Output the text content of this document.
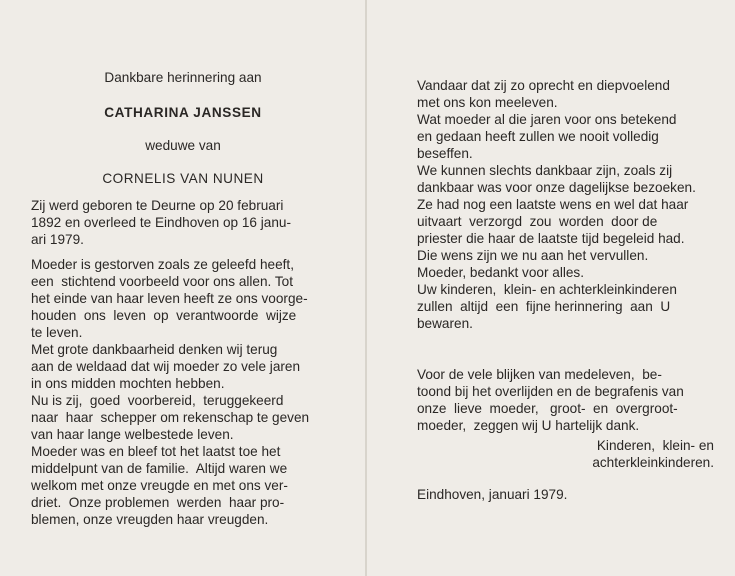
Dankbare herinnering aan
CATHARINA JANSSEN
weduwe van
CORNELIS VAN NUNEN
Zij werd geboren te Deurne op 20 februari
1892 en overleed te Eindhoven op 16 janu-
ari 1979.
Moeder is gestorven zoals ze geleefd heeft,
een  stichtend voorbeeld voor ons allen. Tot
het einde van haar leven heeft ze ons voorge-
houden  ons  leven  op  verantwoorde  wijze
te leven.
Met grote dankbaarheid denken wij terug
aan de weldaad dat wij moeder zo vele jaren
in ons midden mochten hebben.
Nu is zij,  goed  voorbereid,  teruggekeerd
naar  haar  schepper om rekenschap te geven
van haar lange welbestede leven.
Moeder was en bleef tot het laatst toe het
middelpunt van de familie.  Altijd waren we
welkom met onze vreugde en met ons ver-
driet.  Onze problemen  werden  haar pro-
blemen, onze vreugden haar vreugden.
Vandaar dat zij zo oprecht en diepvoelend
met ons kon meeleven.
Wat moeder al die jaren voor ons betekend
en gedaan heeft zullen we nooit volledig
beseffen.
We kunnen slechts dankbaar zijn, zoals zij
dankbaar was voor onze dagelijkse bezoeken.
Ze had nog een laatste wens en wel dat haar
uitvaart  verzorgd  zou  worden  door de
priester die haar de laatste tijd begeleid had.
Die wens zijn we nu aan het vervullen.
Moeder, bedankt voor alles.
Uw kinderen,  klein- en achterkleinkinderen
zullen  altijd  een  fijne herinnering  aan  U
bewaren.
Voor de vele blijken van medeleven,  be-
toond bij het overlijden en de begrafenis van
onze  lieve  moeder,   groot-  en  overgroot-
moeder,  zeggen wij U hartelijk dank.
Kinderen,  klein- en
achterkleinkinderen.
Eindhoven, januari 1979.
